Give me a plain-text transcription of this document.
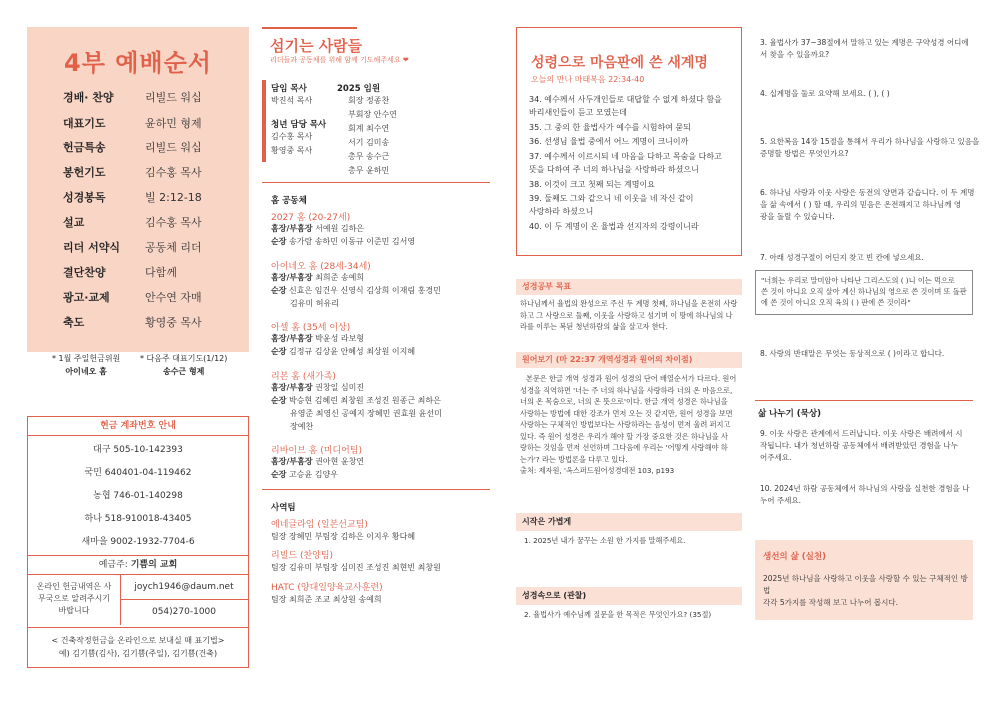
4부 예배순서
경배· 찬양	리빌드 워십
대표기도	윤하민 형제
헌금특송	리빌드 워십
봉헌기도	김수홍 목사
성경봉독	빌 2:12-18
설교	김수홍 목사
리더 서약식 공동체 리더
결단찬양	다함께
광고·교제	안수연 자매
축도	황영중 목사
* 1월 주일헌금위원
아이네오 홈
* 다음주 대표기도(1/12)
송수근 형제
현금 계좌번호 안내
대구 505-10-142393
국민 640401-04-119462
농협 746-01-140298
하나 518-910018-43405
새마을 9002-1932-7704-6
예금주: 기쁨의 교회
온라인 헌금내역은 사
무국으로 알려주시기
바랍니다
joych1946@daum.net
054)270-1000
< 건축작정헌금을 온라인으로 보내실 때 표기법>
예) 김기쁨(김사), 김기쁨(주일), 김기쁨(건축)
섬기는 사람들
리더들과 공동체를 위해 함께 기도해주세요 ❤
담임 목사
박진석 목사
청년 담당 목사
김수홍 목사
황영중 목사
2025 임원
회장 정종찬
부회장 안수연
회계 최수연
서기 김미송
총무 송수근
총무 윤하민
홈 공동체
2027 홈 (20-27세)
홈장/부홈장 서예원 김하은
순장 송가람 송하민 이동규 이준민 김서영
아이네오 홈 (28세-34세)
홈장/부홈장 최희준 송예희
순장 신효은 임건우 신영식 김상희 이재림 홍경민
김유미 허유리
아셀 홈 (35세 이상)
홈장/부홈장 박윤성 라보형
순장 김정규 김상윤 안혜성 최상원 이지혜
리본 홈 (새가족)
홈장/부홈장 권창일 심미진
순장 박승현 김혜린 최창원 조성진 원종근 최하은
유영준 최영신 공예지 장혜민 권효원 윤선미
장예찬
리바이브 홈 (미디어팀)
홈장/부홈장 권아현 윤창연
순장 고승윤 김양우
사역팀
에네글라임 (일본선교팀)
팀장 장혜민 부팀장 김하은 이지우 황다혜
리빌드 (찬양팀)
팀장 김유미 부팀장 심미진 조성진 최현빈 최창원
HATC (양대일양육교사훈련)
팀장 최희준 조교 최상원 송예희
성령으로 마음판에 쓴 새계명
오늘의 만나 마태복음 22:34-40
34. 예수께서 사두개인들로 대답할 수 없게 하셨다 함을
바리새인들이 듣고 모였는데
35. 그 중의 한 율법사가 예수를 시험하여 묻되
36. 선생님 율법 중에서 어느 계명이 크니이까
37. 예수께서 이르시되 네 마음을 다하고 목숨을 다하고
뜻을 다하여 주 너의 하나님을 사랑하라 하셨으니
38. 이것이 크고 첫째 되는 계명이요
39. 둘째도 그와 같으니 네 이웃을 네 자신 같이
사랑하라 하셨으니
40. 이 두 계명이 온 율법과 선지자의 강령이니라
성경공부 목표
하나님께서 율법의 완성으로 주신 두 계명 첫째, 하나님을 온전히 사랑
하고 그 사랑으로 둘째, 이웃을 사랑하고 섬기며 이 땅에 하나님의 나
라를 이루는 복된 청년하람의 삶을 살고자 한다.
원어보기 (마 22:37 개역성경과 원어의 차이점)
본문은 한글 개역 성경과 원어 성경의 단어 배열순서가 다르다. 원어
성경을 직역하면 '너는 주 너의 하나님을 사랑하라 너의 온 마음으로,
너의 온 목숨으로, 너의 온 뜻으로'이다. 한글 개역 성경은 하나님을
사랑하는 방법에 대한 강조가 먼저 오는 것 같지만, 원어 성경을 보면
사랑하는 구체적인 방법보다는 사랑하라는 음성이 먼저 울려 퍼지고
있다. 즉 원어 성경은 우리가 해야 할 가장 중요한 것은 하나님을 사
랑하는 것임을 먼저 선언하며 그다음에 우리는 '어떻게 사랑해야 하
는가'? 라는 방법론을 다루고 있다.
출처: 제자원, '옥스퍼드원어성경대전 103, p193
시작은 가볍게
1. 2025년 내가 꿈꾸는 소원 한 가지를 말해주세요.
성경속으로 (관찰)
2. 율법사가 예수님께 질문을 한 목적은 무엇인가요? (35절)
3. 율법사가 37~38절에서 말하고 있는 계명은 구약성경 어디에
서 찾을 수 있을까요?
4. 십계명을 둘로 요약해 보세요. ( ), ( )
5. 요한복음 14장 15절을 통해서 우리가 하나님을 사랑하고 있음을
증명할 방법은 무엇인가요?
6. 하나님 사랑과 이웃 사랑은 동전의 양면과 같습니다. 이 두 계명
을 삶 속에서 ( ) 할 때, 우리의 믿음은 온전해지고 하나님께 영
광을 돌릴 수 있습니다.
7. 아래 성경구절이 어딘지 찾고 빈 칸에 넣으세요.
"너희는 우리로 말미암아 나타난 그리스도의 ( )니 이는 먹으로
쓴 것이 아니요 오직 살아 계신 하나님의 영으로 쓴 것이며 또 돌판
에 쓴 것이 아니요 오직 육의 ( ) 판에 쓴 것이라"
8. 사랑의 반대말은 무엇는 동상적으로 ( )이라고 합니다.
삶 나누기 (묵상)
9. 이웃 사랑은 관계에서 드러납니다. 이웃 사랑은 배려에서 시
작됩니다. 내가 청년하람 공동체에서 배려받았던 경험을 나누
어주세요.
10. 2024년 하람 공동체에서 하나님의 사랑을 실천한 경험을 나
누어 주세요.
생선의 삶 (실천)
2025년 하나님을 사랑하고 이웃을 사랑할 수 있는 구체적인 방법
각각 5가지를 작성해 보고 나누어 봅시다.
